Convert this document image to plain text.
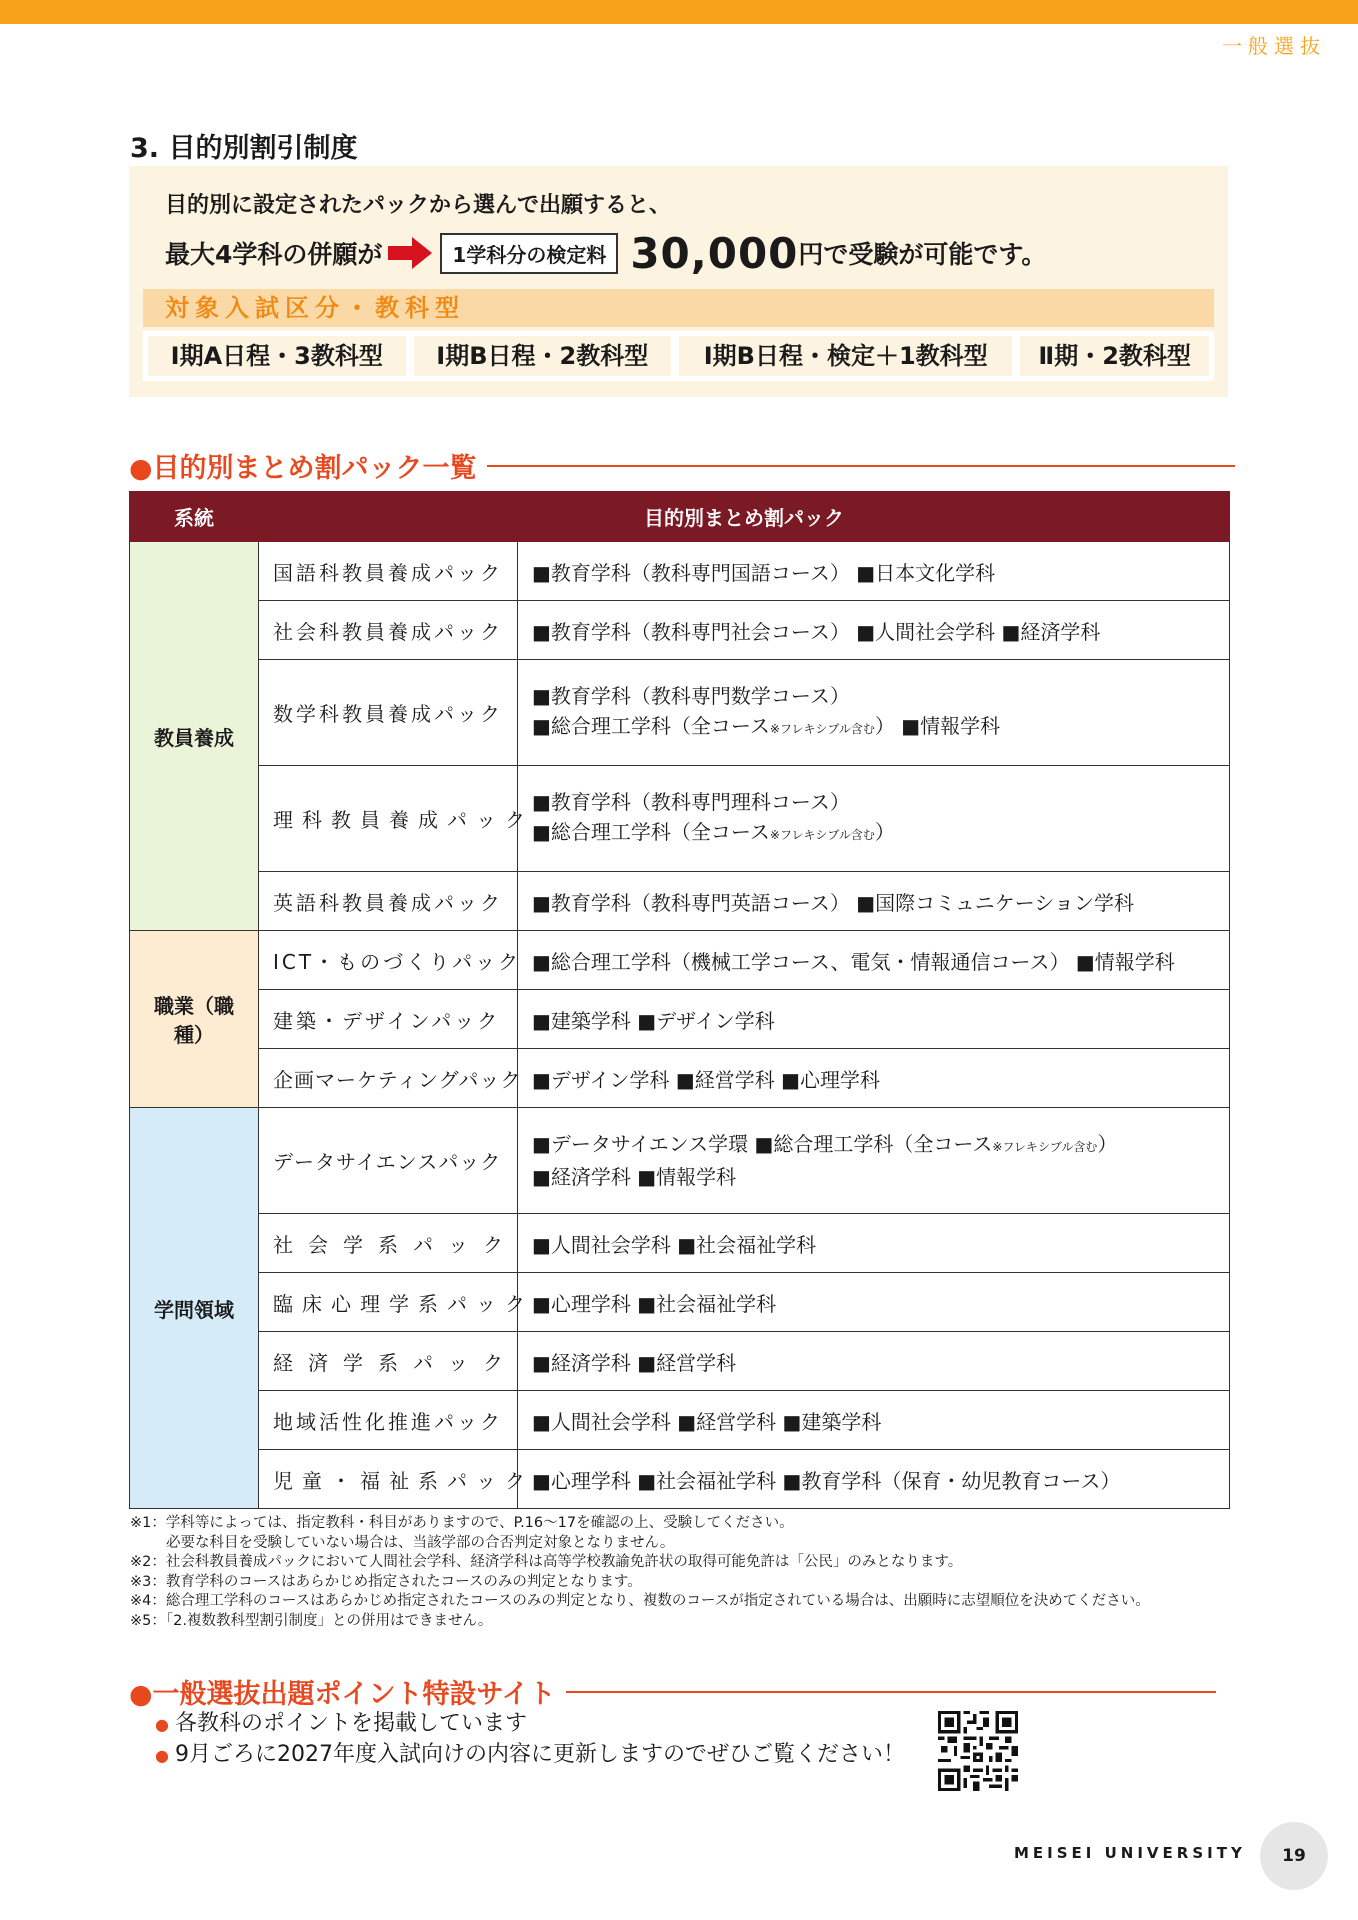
一般選抜
3. 目的別割引制度
目的別に設定されたパックから選んで出願すると、
最大4学科の併願が	1学科分の検定料 30,000 円で受験が可能です。
対象入試区分・教科型
Ⅰ期A日程・3教科型	Ⅰ期B日程・2教科型	Ⅰ期B日程・検定＋1教科型	Ⅱ期・2教科型
●目的別まとめ割パック一覧
系統	目的別まとめ割パック	
教員養成	国語科教員養成パック	■教育学科（教科専門国語コース） ■日本文化学科
	社会科教員養成パック	■教育学科（教科専門社会コース） ■人間社会学科 ■経済学科
	数学科教員養成パック	■教育学科（教科専門数学コース）
■総合理工学科（全コース※フレキシブル含む） ■情報学科

	理科教員養成パック	■教育学科（教科専門理科コース）
■総合理工学科（全コース※フレキシブル含む）

	英語科教員養成パック	■教育学科（教科専門英語コース） ■国際コミュニケーション学科
職業（職種）	ICT・ものづくりパック	■総合理工学科（機械工学コース、電気・情報通信コース） ■情報学科
	建築・デザインパック	■建築学科 ■デザイン学科
	企画マーケティングパック	■デザイン学科 ■経営学科 ■心理学科
学問領域	データサイエンスパック	■データサイエンス学環 ■総合理工学科（全コース※フレキシブル含む）
■経済学科 ■情報学科

	社会学系パック	■人間社会学科 ■社会福祉学科
	臨床心理学系パック	■心理学科 ■社会福祉学科
	経済学系パック	■経済学科 ■経営学科
	地域活性化推進パック	■人間社会学科 ■経営学科 ■建築学科
	児童・福祉系パック	■心理学科 ■社会福祉学科 ■教育学科（保育・幼児教育コース）
※1：学科等によっては、指定教科・科目がありますので、P.16～17を確認の上、受験してください。
必要な科目を受験していない場合は、当該学部の合否判定対象となりません。
※2：社会科教員養成パックにおいて人間社会学科、経済学科は高等学校教諭免許状の取得可能免許は「公民」のみとなります。
※3：教育学科のコースはあらかじめ指定されたコースのみの判定となります。
※4：総合理工学科のコースはあらかじめ指定されたコースのみの判定となり、複数のコースが指定されている場合は、出願時に志望順位を決めてください。
※5：「2.複数教科型割引制度」との併用はできません。
●一般選抜出題ポイント特設サイト
● 各教科のポイントを掲載しています
● 9月ごろに2027年度入試向けの内容に更新しますのでぜひご覧ください！
MEISEI UNIVERSITY	19
